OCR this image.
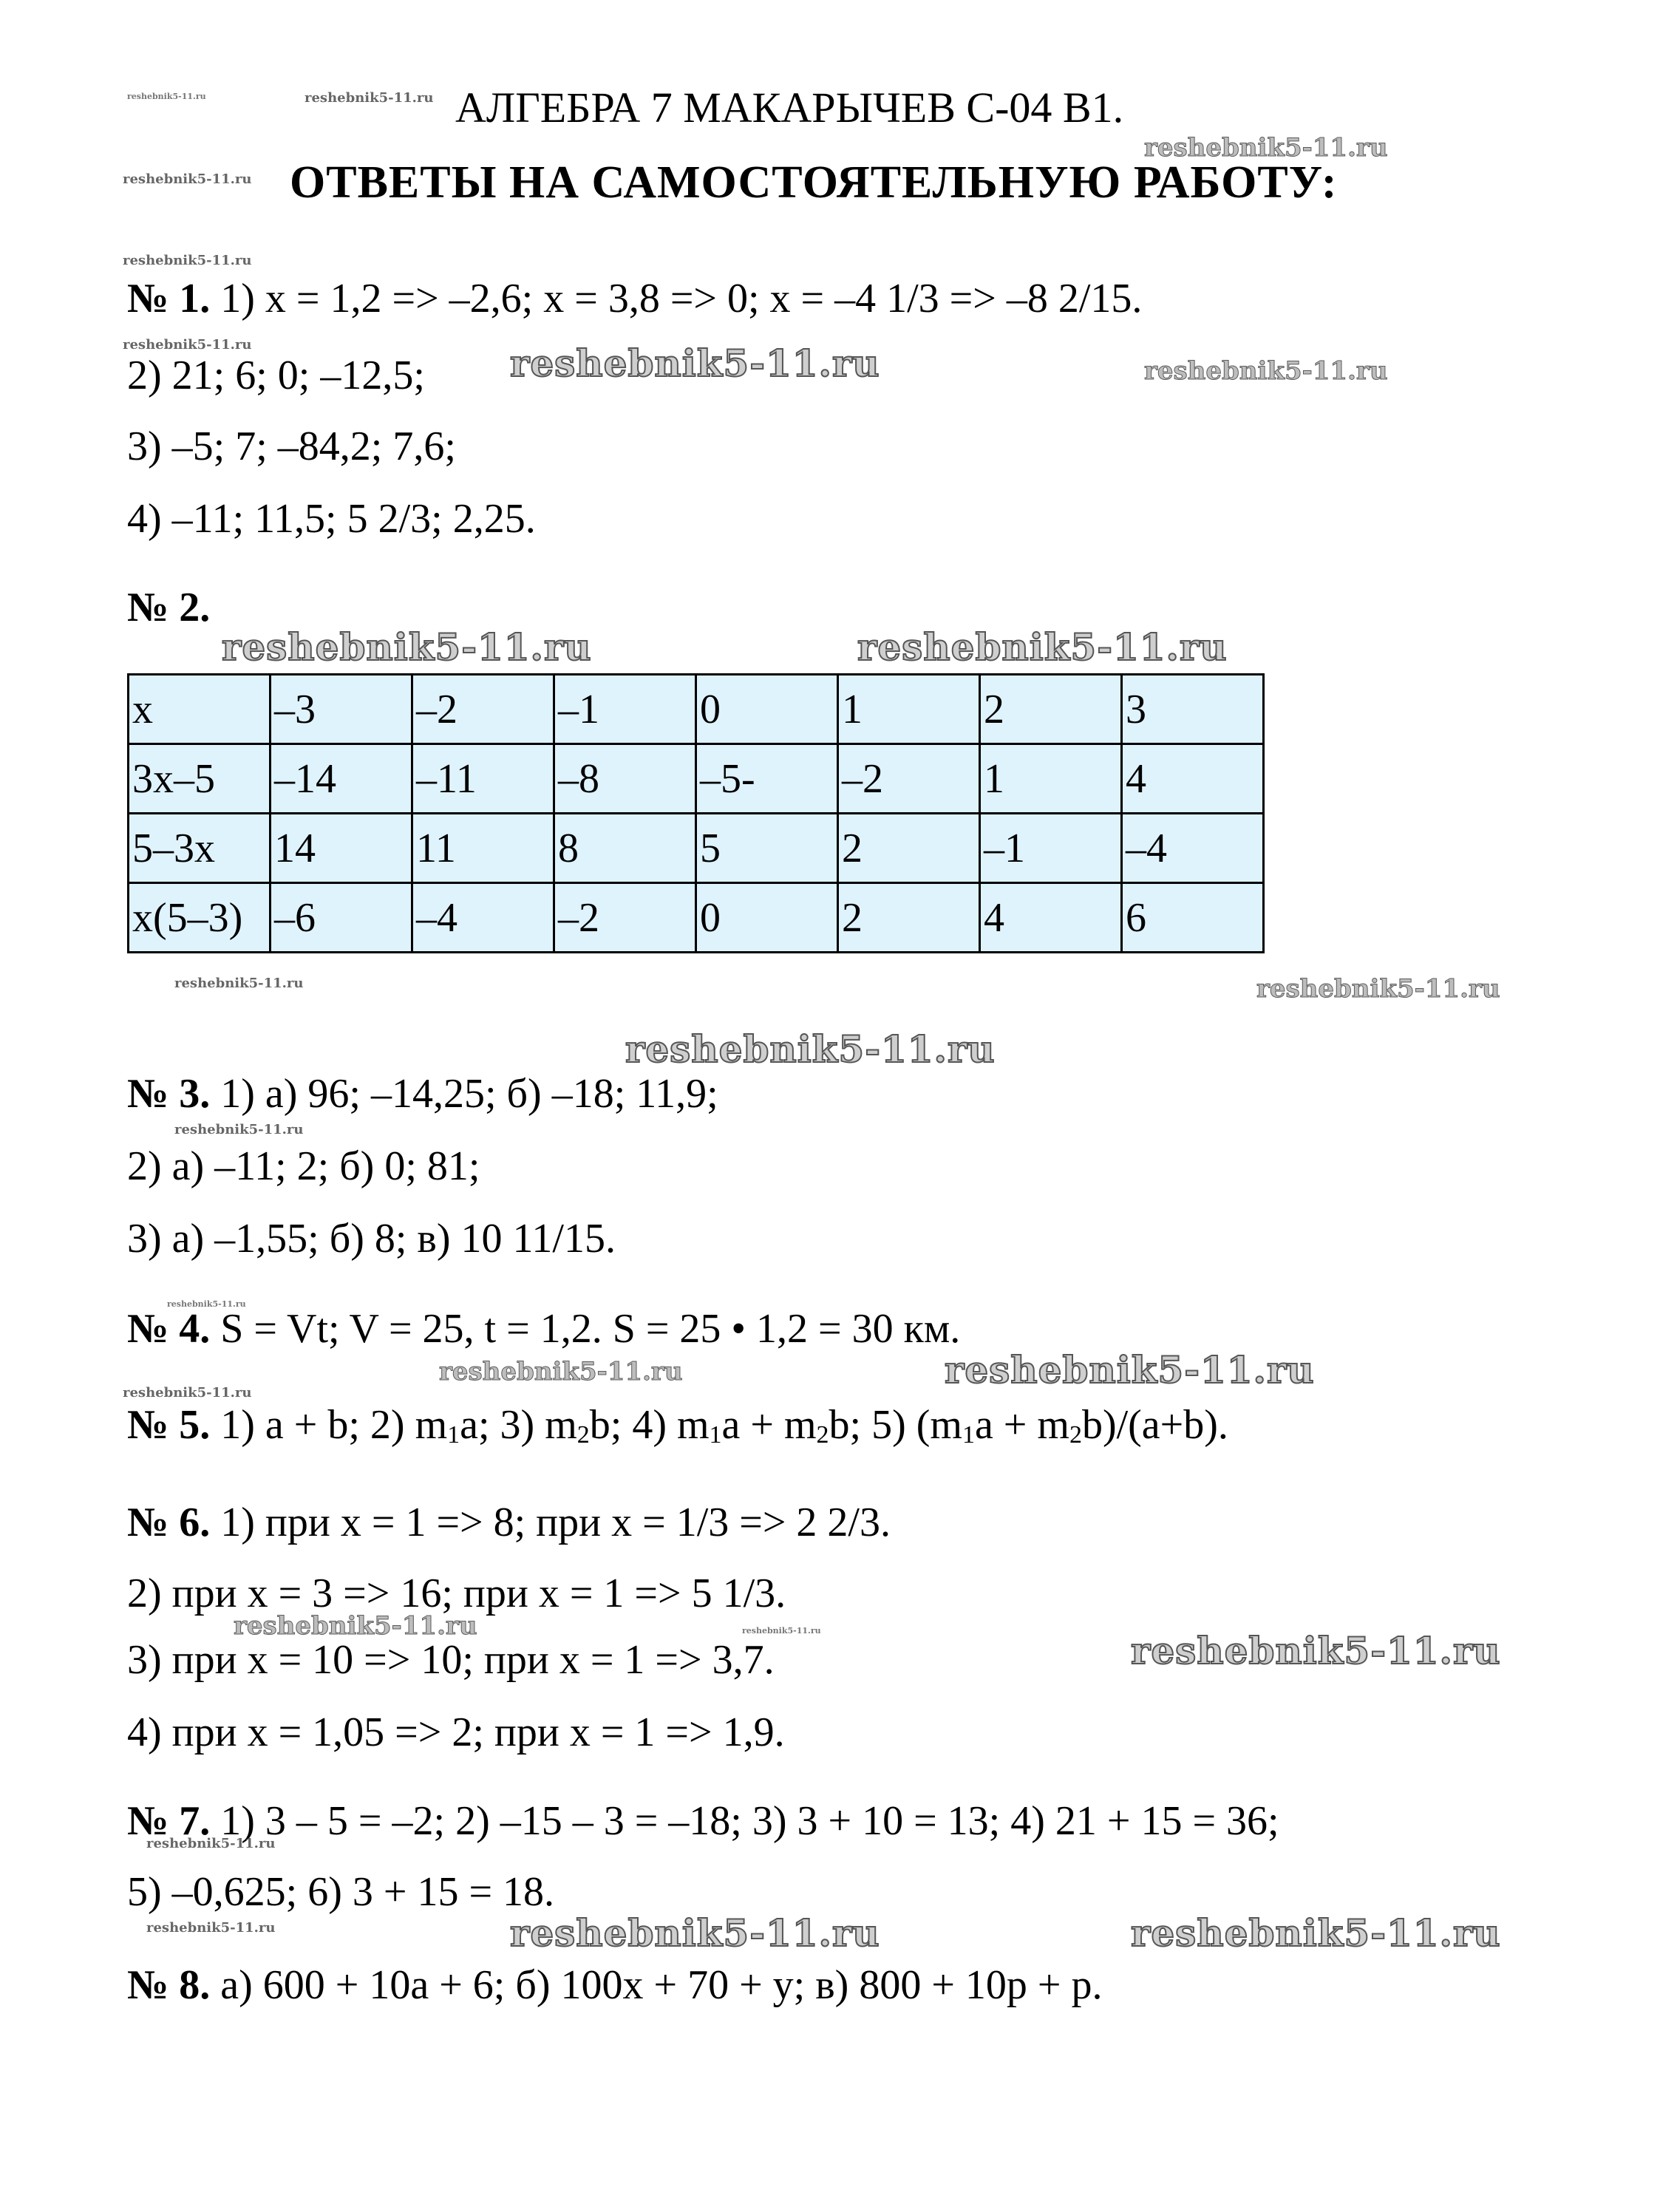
АЛГЕБРА 7 МАКАРЫЧЕВ С-04 В1.
ОТВЕТЫ НА САМОСТОЯТЕЛЬНУЮ РАБОТУ:
reshebnik5-11.ru	reshebnik5-11.ru
reshebnik5-11.ru
reshebnik5-11.ru
reshebnik5-11.ru
№ 1. 1) x = 1,2 => –2,6; x = 3,8 => 0; x = –4 1/3 => –8 2/15.
reshebnik5-11.ru
2) 21; 6; 0; –12,5; reshebnik5-11.ru	reshebnik5-11.ru
3) –5; 7; –84,2; 7,6;
4) –11; 11,5; 5 2/3; 2,25.
№ 2.
reshebnik5-11.ru	reshebnik5-11.ru
x	–3	–2	–1	0	1	2	3
3x–5	–14	–11	–8	–5-	–2	1	4
5–3x	14	11	8	5	2	–1	–4
x(5–3)	–6	–4	–2	0	2	4	6
reshebnik5-11.ru	reshebnik5-11.ru
reshebnik5-11.ru
№ 3. 1) а) 96; –14,25; б) –18; 11,9;
reshebnik5-11.ru
2) а) –11; 2; б) 0; 81;
3) а) –1,55; б) 8; в) 10 11/15.
reshebnik5-11.ru
№ 4. S = Vt; V = 25, t = 1,2. S = 25 • 1,2 = 30 км.
reshebnik5-11.ru
reshebnik5-11.ru	reshebnik5-11.ru
№ 5. 1) a + b; 2) $m_1a$; 3) $m_2b$; 4) $m_1a + m_2b$; 5) $(m_1a + m_2b)/(a+b)$.
№ 6. 1) при x = 1 => 8; при x = 1/3 => 2 2/3.
2) при x = 3 => 16; при x = 1 => 5 1/3.
reshebnik5-11.ru	reshebnik5-11.ru
3) при x = 10 => 10; при x = 1 => 3,7.	reshebnik5-11.ru
4) при x = 1,05 => 2; при x = 1 => 1,9.
№ 7. 1) 3 – 5 = –2; 2) –15 – 3 = –18; 3) 3 + 10 = 13; 4) 21 + 15 = 36;
reshebnik5-11.ru
5) –0,625; 6) 3 + 15 = 18.
reshebnik5-11.ru	reshebnik5-11.ru	reshebnik5-11.ru
№ 8. а) 600 + 10a + 6; б) 100x + 70 + y; в) 800 + 10p + p.
